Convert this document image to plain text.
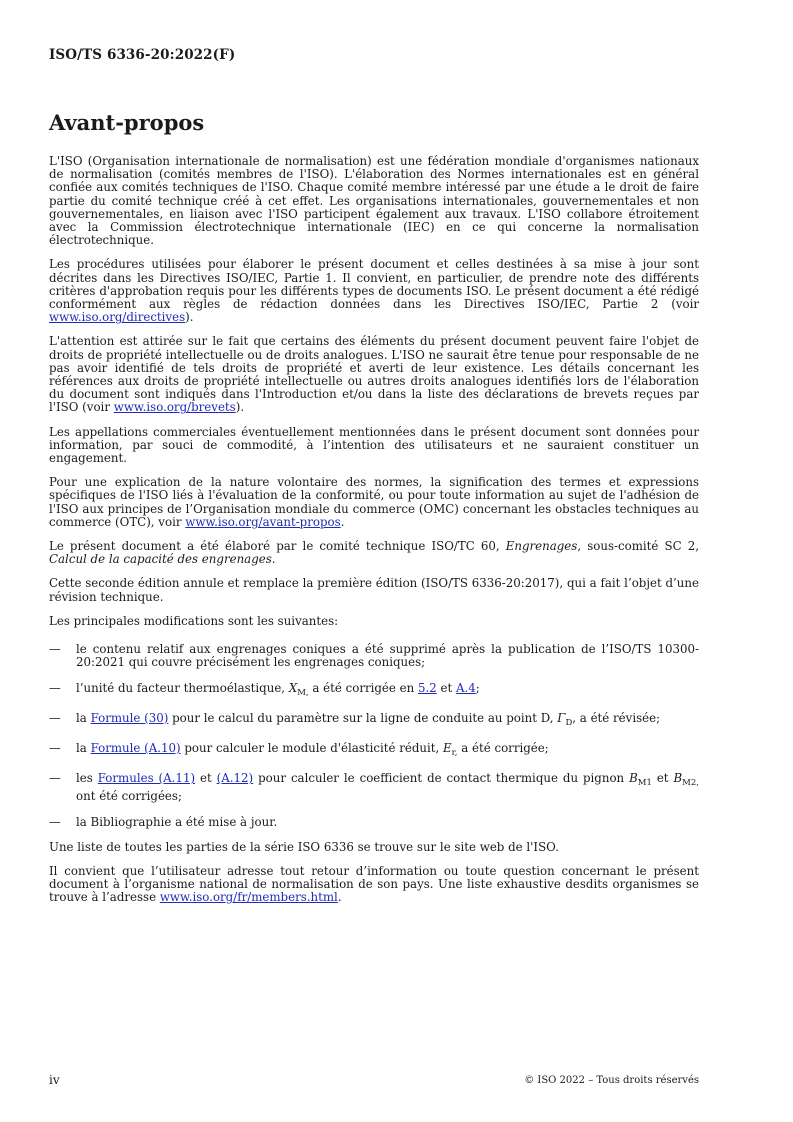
ISO/TS 6336-20:2022(F)
Avant-propos

L'ISO (Organisation internationale de normalisation) est une fédération mondiale d'organismes nationaux de normalisation (comités membres de l'ISO). L'élaboration des Normes internationales est en général confiée aux comités techniques de l'ISO. Chaque comité membre intéressé par une étude a le droit de faire partie du comité technique créé à cet effet. Les organisations internationales, gouvernementales et non gouvernementales, en liaison avec l'ISO participent également aux travaux. L'ISO collabore étroitement avec la Commission électrotechnique internationale (IEC) en ce qui concerne la normalisation électrotechnique.

Les procédures utilisées pour élaborer le présent document et celles destinées à sa mise à jour sont décrites dans les Directives ISO/IEC, Partie 1. Il convient, en particulier, de prendre note des différents critères d'approbation requis pour les différents types de documents ISO. Le présent document a été rédigé conformément aux règles de rédaction données dans les Directives ISO/IEC, Partie 2 (voir www.iso.org/directives).

L'attention est attirée sur le fait que certains des éléments du présent document peuvent faire l'objet de droits de propriété intellectuelle ou de droits analogues. L'ISO ne saurait être tenue pour responsable de ne pas avoir identifié de tels droits de propriété et averti de leur existence. Les détails concernant les références aux droits de propriété intellectuelle ou autres droits analogues identifiés lors de l'élaboration du document sont indiqués dans l'Introduction et/ou dans la liste des déclarations de brevets reçues par l'ISO (voir www.iso.org/brevets).

Les appellations commerciales éventuellement mentionnées dans le présent document sont données pour information, par souci de commodité, à l’intention des utilisateurs et ne sauraient constituer un engagement.

Pour une explication de la nature volontaire des normes, la signification des termes et expressions spécifiques de l'ISO liés à l'évaluation de la conformité, ou pour toute information au sujet de l'adhésion de l'ISO aux principes de l’Organisation mondiale du commerce (OMC) concernant les obstacles techniques au commerce (OTC), voir www.iso.org/avant-propos.

Le présent document a été élaboré par le comité technique ISO/TC 60, Engrenages, sous-comité SC 2, Calcul de la capacité des engrenages.

Cette seconde édition annule et remplace la première édition (ISO/TS 6336-20:2017), qui a fait l’objet d’une révision technique.

Les principales modifications sont les suivantes:

— le contenu relatif aux engrenages coniques a été supprimé après la publication de l’ISO/TS 10300-20:2021 qui couvre précisément les engrenages coniques;
— l’unité du facteur thermoélastique, $X_{M,}$ a été corrigée en 5.2 et A.4;
— la Formule (30) pour le calcul du paramètre sur la ligne de conduite au point D, $\Gamma_D$, a été révisée;
— la Formule (A.10) pour calculer le module d'élasticité réduit, $E_{r,}$ a été corrigée;
— les Formules (A.11) et (A.12) pour calculer le coefficient de contact thermique du pignon $B_{M1}$ et $B_{M2,}$ ont été corrigées;
— la Bibliographie a été mise à jour.

Une liste de toutes les parties de la série ISO 6336 se trouve sur le site web de l'ISO.

Il convient que l’utilisateur adresse tout retour d’information ou toute question concernant le présent document à l’organisme national de normalisation de son pays. Une liste exhaustive desdits organismes se trouve à l’adresse www.iso.org/fr/members.html.

iv	© ISO 2022 – Tous droits réservés
